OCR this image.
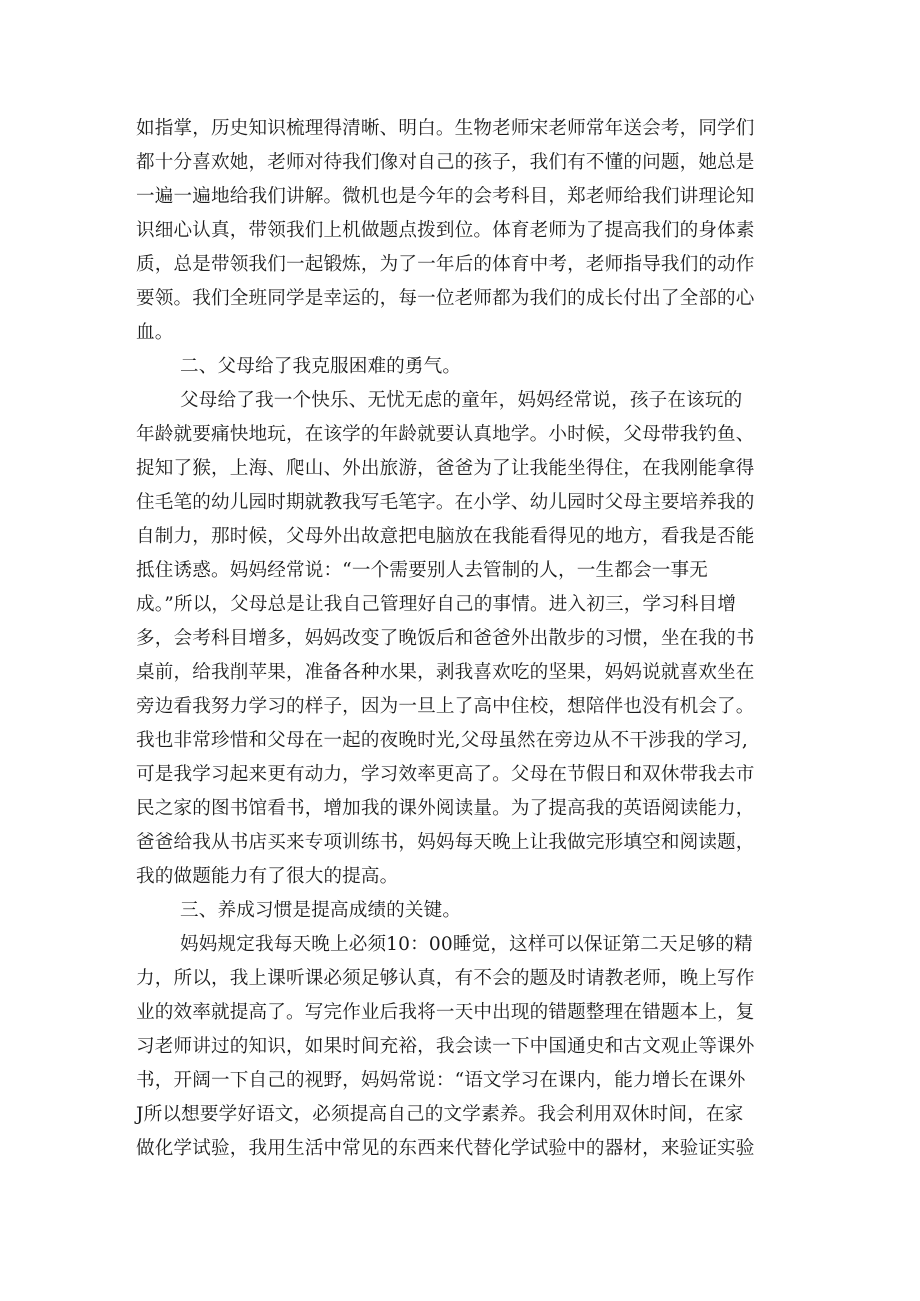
如指掌，历史知识梳理得清晰、明白。生物老师宋老师常年送会考，同学们
都十分喜欢她，老师对待我们像对自己的孩子，我们有不懂的问题，她总是
一遍一遍地给我们讲解。微机也是今年的会考科目，郑老师给我们讲理论知
识细心认真，带领我们上机做题点拨到位。体育老师为了提高我们的身体素
质，总是带领我们一起锻炼，为了一年后的体育中考，老师指导我们的动作
要领。我们全班同学是幸运的，每一位老师都为我们的成长付出了全部的心
血。
二、父母给了我克服困难的勇气。
父母给了我一个快乐、无忧无虑的童年，妈妈经常说，孩子在该玩的
年龄就要痛快地玩，在该学的年龄就要认真地学。小时候，父母带我钓鱼、
捉知了猴，上海、爬山、外出旅游，爸爸为了让我能坐得住，在我刚能拿得
住毛笔的幼儿园时期就教我写毛笔字。在小学、幼儿园时父母主要培养我的
自制力，那时候，父母外出故意把电脑放在我能看得见的地方，看我是否能
抵住诱惑。妈妈经常说：“一个需要别人去管制的人，一生都会一事无
成。”所以，父母总是让我自己管理好自己的事情。进入初三，学习科目增
多，会考科目增多，妈妈改变了晚饭后和爸爸外出散步的习惯，坐在我的书
桌前，给我削苹果，准备各种水果，剥我喜欢吃的坚果，妈妈说就喜欢坐在
旁边看我努力学习的样子，因为一旦上了高中住校，想陪伴也没有机会了。
我也非常珍惜和父母在一起的夜晚时光,父母虽然在旁边从不干涉我的学习,
可是我学习起来更有动力，学习效率更高了。父母在节假日和双休带我去市
民之家的图书馆看书，增加我的课外阅读量。为了提高我的英语阅读能力，
爸爸给我从书店买来专项训练书，妈妈每天晚上让我做完形填空和阅读题，
我的做题能力有了很大的提高。
三、养成习惯是提高成绩的关键。
妈妈规定我每天晚上必须10：00睡觉，这样可以保证第二天足够的精
力，所以，我上课听课必须足够认真，有不会的题及时请教老师，晚上写作
业的效率就提高了。写完作业后我将一天中出现的错题整理在错题本上，复
习老师讲过的知识，如果时间充裕，我会读一下中国通史和古文观止等课外
书，开阔一下自己的视野，妈妈常说：“语文学习在课内，能力增长在课外
J所以想要学好语文，必须提高自己的文学素养。我会利用双休时间，在家
做化学试验，我用生活中常见的东西来代替化学试验中的器材，来验证实验
